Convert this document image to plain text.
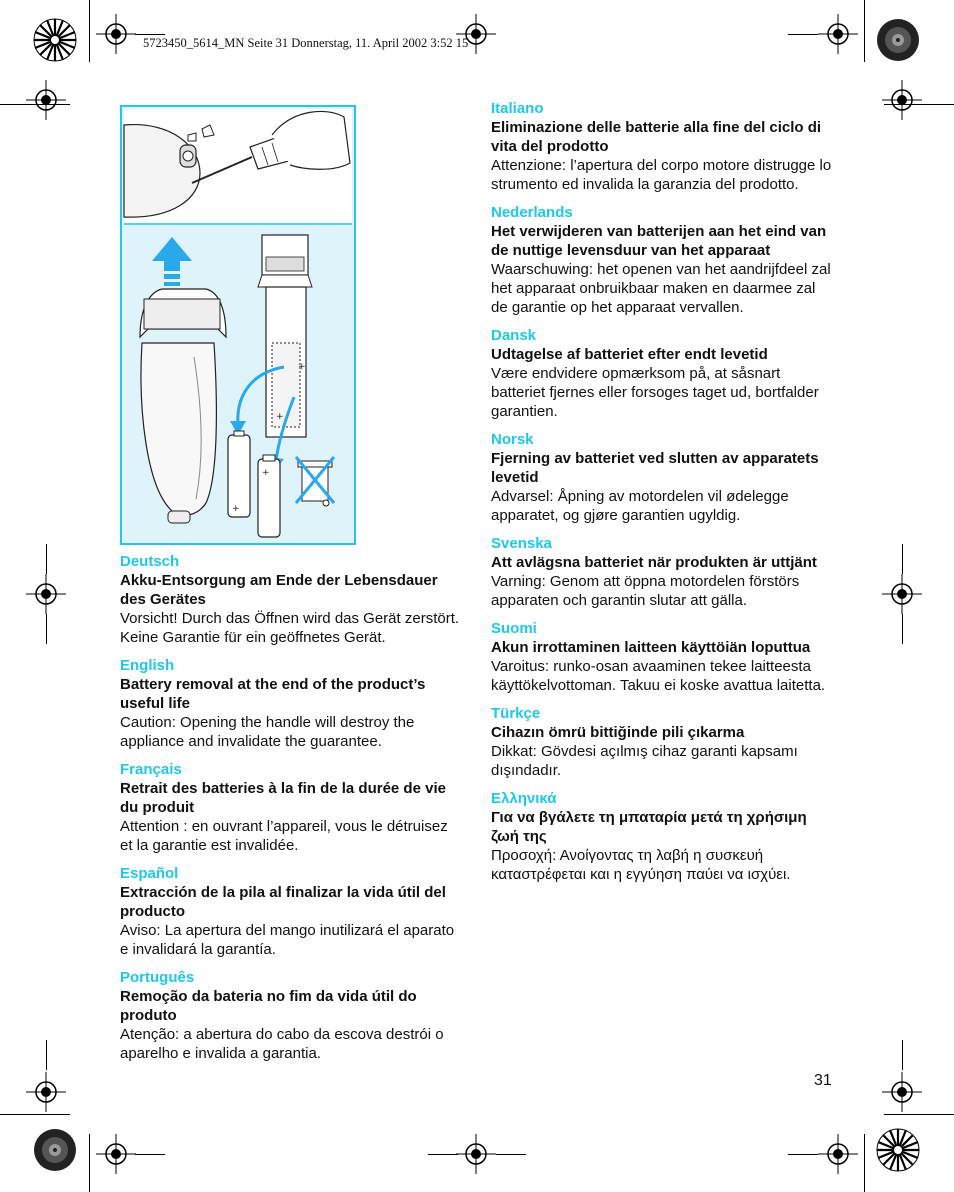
5723450_5614_MN Seite 31 Donnerstag, 11. April 2002 3:52 15
+
+
+
+
Deutsch
Akku-Entsorgung am Ende der Lebensdauer des Gerätes
Vorsicht! Durch das Öffnen wird das Gerät zerstört. Keine Garantie für ein geöffnetes Gerät.
English
Battery removal at the end of the product’s useful life
Caution: Opening the handle will destroy the appliance and invalidate the guarantee.
Français
Retrait des batteries à la fin de la durée de vie du produit
Attention : en ouvrant l’appareil, vous le détruisez et la garantie est invalidée.
Español
Extracción de la pila al finalizar la vida útil del producto
Aviso: La apertura del mango inutilizará el aparato e invalidará la garantía.
Português
Remoção da bateria no fim da vida útil do produto
Atenção: a abertura do cabo da escova destrói o aparelho e invalida a garantia.
Italiano
Eliminazione delle batterie alla fine del ciclo di vita del prodotto
Attenzione: l’apertura del corpo motore distrugge lo strumento ed invalida la garanzia del prodotto.
Nederlands
Het verwijderen van batterijen aan het eind van de nuttige levensduur van het apparaat
Waarschuwing: het openen van het aandrijfdeel zal het apparaat onbruikbaar maken en daarmee zal de garantie op het apparaat vervallen.
Dansk
Udtagelse af batteriet efter endt levetid
Være endvidere opmærksom på, at såsnart batteriet fjernes eller forsoges taget ud, bortfalder garantien.
Norsk
Fjerning av batteriet ved slutten av apparatets levetid
Advarsel: Åpning av motordelen vil ødelegge apparatet, og gjøre garantien ugyldig.
Svenska
Att avlägsna batteriet när produkten är uttjänt
Varning: Genom att öppna motordelen förstörs apparaten och garantin slutar att gälla.
Suomi
Akun irrottaminen laitteen käyttöiän loputtua
Varoitus: runko-osan avaaminen tekee laitteesta käyttökelvottoman. Takuu ei koske avattua laitetta.
Türkçe
Cihazın ömrü bittiğinde pili çıkarma
Dikkat: Gövdesi açılmış cihaz garanti kapsamı dışındadır.
Ελληνικά
Για να βγάλετε τη μπαταρία μετά τη χρήσιμη ζωή της
Προσοχή: Ανοίγοντας τη λαβή η συσκευή καταστρέφεται και η εγγύηση παύει να ισχύει.
31
